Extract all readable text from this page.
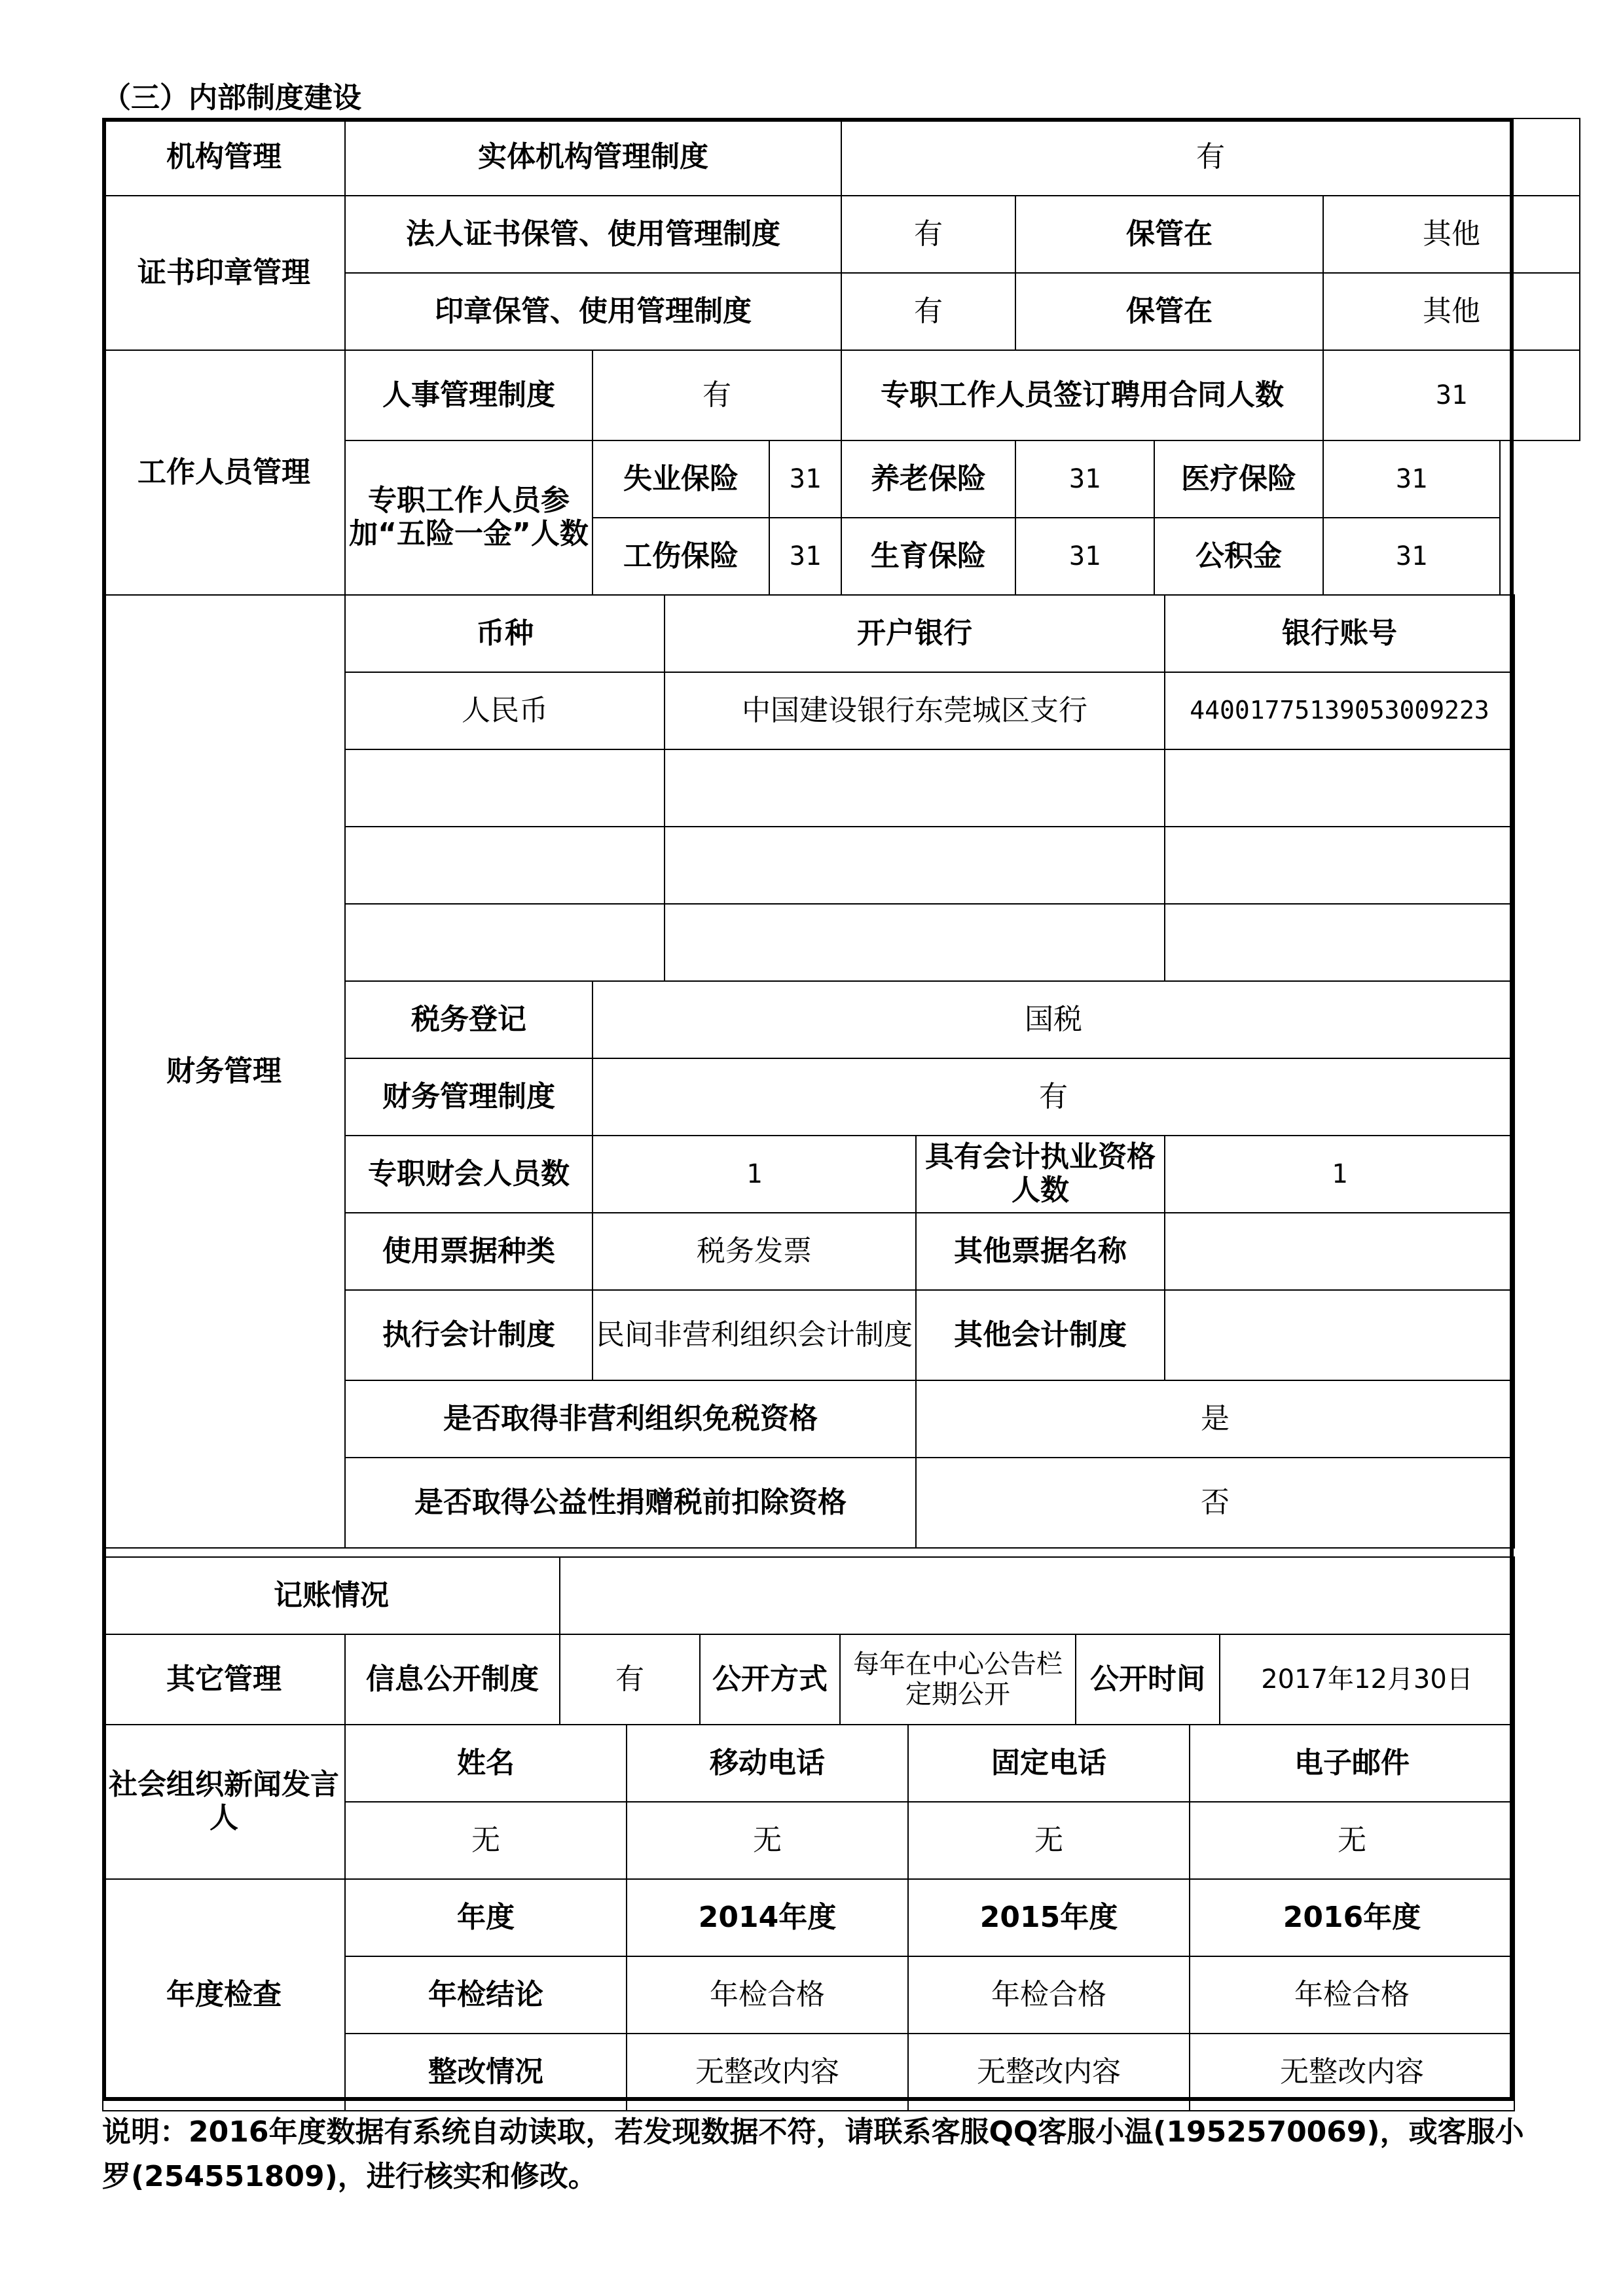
（三）内部制度建设
机构管理	实体机构管理制度			有			
证书印章管理	法人证书保管、使用管理制度			有	保管在		其他
	印章保管、使用管理制度			有	保管在		其他
工作人员管理	人事管理制度	有		专职工作人员签订聘用合同人数			31
	专职工作人员参加“五险一金”人数	失业保险	31	养老保险	31	医疗保险	31
		工伤保险	31	生育保险	31	公积金	31
财务管理	币种		开户银行		银行账号
	人民币		中国建设银行东莞城区支行		44001775139053009223

	税务登记	国税			
	财务管理制度	有			
	专职财会人员数	1		具有会计执业资格人数	1
	使用票据种类	税务发票		其他票据名称	
	执行会计制度	民间非营利组织会计制度		其他会计制度	
	是否取得非营利组织免税资格			是	
	是否取得公益性捐赠税前扣除资格			否	
记账情况						
其它管理	信息公开制度	有	公开方式	每年在中心公告栏定期公开	公开时间	2017年12月30日
社会组织新闻发言人	姓名	移动电话	固定电话	电子邮件
	无	无	无	无
年度检查	年度	2014年度	2015年度	2016年度
	年检结论	年检合格	年检合格	年检合格
	整改情况	无整改内容	无整改内容	无整改内容
说明：2016年度数据有系统自动读取，若发现数据不符，请联系客服QQ客服小温(1952570069)，或客服小罗(254551809)，进行核实和修改。
